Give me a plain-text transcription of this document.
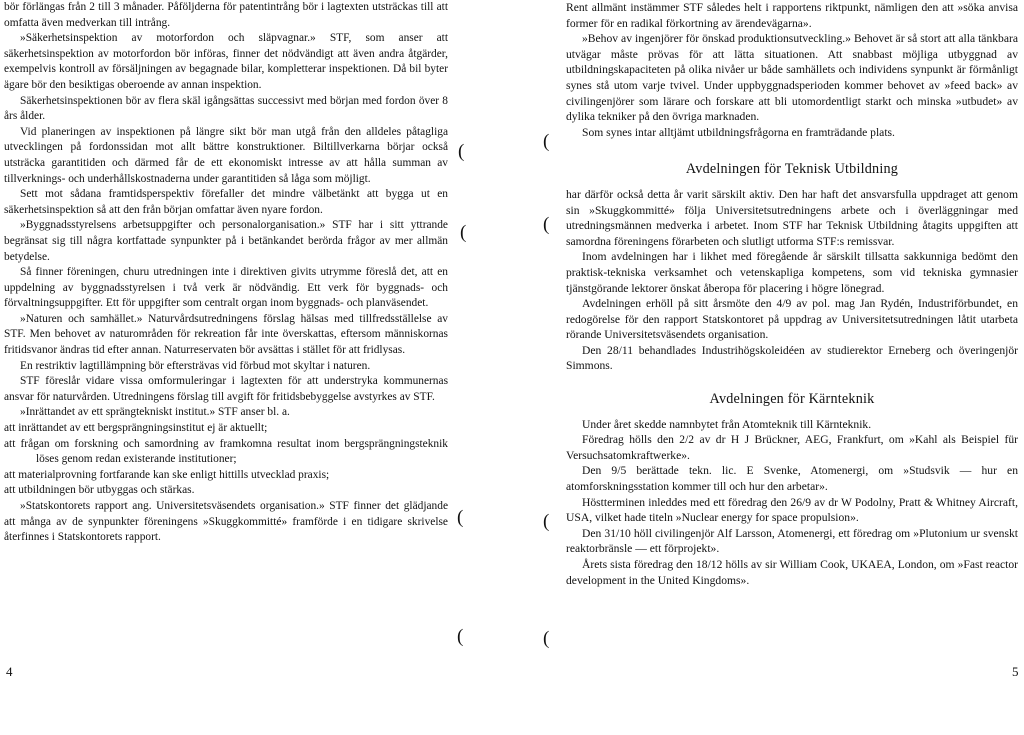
bör förlängas från 2 till 3 månader. Påföljderna för patentintrång bör i lagtexten utsträckas till att omfatta även medverkan till intrång.

»Säkerhetsinspektion av motorfordon och släpvagnar.» STF, som anser att säkerhetsinspektion av motorfordon bör införas, finner det nödvändigt att även andra åtgärder, exempelvis kontroll av försäljningen av begagnade bilar, kompletterar inspektionen. Då bil byter ägare bör den besiktigas oberoende av annan inspektion.

Säkerhetsinspektionen bör av flera skäl igångsättas successivt med början med fordon över 8 års ålder.

Vid planeringen av inspektionen på längre sikt bör man utgå från den alldeles påtagliga utvecklingen på fordonssidan mot allt bättre konstruktioner. Biltillverkarna börjar också utsträcka garantitiden och därmed får de ett ekonomiskt intresse av att hålla summan av tillverknings- och underhållskostnaderna under garantitiden så låga som möjligt.

Sett mot sådana framtidsperspektiv förefaller det mindre välbetänkt att bygga ut en säkerhetsinspektion så att den från början omfattar även nyare fordon.

»Byggnadsstyrelsens arbetsuppgifter och personalorganisation.» STF har i sitt yttrande begränsat sig till några kortfattade synpunkter på i betänkandet berörda frågor av mer allmän betydelse.

Så finner föreningen, churu utredningen inte i direktiven givits utrymme föreslå det, att en uppdelning av byggnadsstyrelsen i två verk är nödvändig. Ett verk för byggnads- och förvaltningsuppgifter. Ett för uppgifter som centralt organ inom byggnads- och planväsendet.

»Naturen och samhället.» Naturvårdsutredningens förslag hälsas med tillfredsställelse av STF. Men behovet av naturområden för rekreation får inte överskattas, eftersom människornas fritidsvanor ändras tid efter annan. Naturreservaten bör avsättas i stället för att fridlysas.

En restriktiv lagtillämpning bör eftersträvas vid förbud mot skyltar i naturen.

STF föreslår vidare vissa omformuleringar i lagtexten för att understryka kommunernas ansvar för naturvården. Utredningens förslag till avgift för fritidsbebyggelse avstyrkes av STF.

»Inrättandet av ett sprängtekniskt institut.» STF anser bl. a.

att inrättandet av ett bergsprängningsinstitut ej är aktuellt;

att frågan om forskning och samordning av framkomna resultat inom bergsprängningsteknik löses genom redan existerande institutioner;

att materialprovning fortfarande kan ske enligt hittills utvecklad praxis;

att utbildningen bör utbyggas och stärkas.

»Statskontorets rapport ang. Universitetsväsendets organisation.» STF finner det glädjande att många av de synpunkter föreningens »Skuggkommitté» framförde i en tidigare skrivelse återfinnes i Statskontorets rapport.

Rent allmänt instämmer STF således helt i rapportens riktpunkt, nämligen den att »söka anvisa former för en radikal förkortning av ärendevägarna».

»Behov av ingenjörer för önskad produktionsutveckling.» Behovet är så stort att alla tänkbara utvägar måste prövas för att lätta situationen. Att snabbast möjliga utbyggnad av utbildningskapaciteten på olika nivåer ur både samhällets och individens synpunkt är förmånligt synes stå utom varje tvivel. Under uppbyggnadsperioden kommer behovet av »feed back» av civilingenjörer som lärare och forskare att bli utomordentligt starkt och minska »utbudet» av dylika tekniker på den övriga marknaden.

Som synes intar alltjämt utbildningsfrågorna en framträdande plats.

Avdelningen för Teknisk Utbildning

har därför också detta år varit särskilt aktiv. Den har haft det ansvarsfulla uppdraget att genom sin »Skuggkommitté» följa Universitetsutredningens arbete och i överläggningar med utredningsmännen medverka i arbetet. Inom STF har Teknisk Utbildning åtagits uppgiften att samordna föreningens förarbeten och slutligt utforma STF:s remissvar.

Inom avdelningen har i likhet med föregående år särskilt tillsatta sakkunniga bedömt den praktisk-tekniska verksamhet och vetenskapliga kompetens, som vid tekniska gymnasier tjänstgörande lektorer önskat åberopa för placering i högre lönegrad.

Avdelningen erhöll på sitt årsmöte den 4/9 av pol. mag Jan Rydén, Industriförbundet, en redogörelse för den rapport Statskontoret på uppdrag av Universitetsutredningen låtit utarbeta rörande Universitetsväsendets organisation.

Den 28/11 behandlades Industrihögskoleidéen av studierektor Erneberg och överingenjör Simmons.

Avdelningen för Kärnteknik

Under året skedde namnbytet från Atomteknik till Kärnteknik.

Föredrag hölls den 2/2 av dr H J Brückner, AEG, Frankfurt, om »Kahl als Beispiel für Versuchsatomkraftwerke».

Den 9/5 berättade tekn. lic. E Svenke, Atomenergi, om »Studsvik — hur en atomforskningsstation kommer till och hur den arbetar».

Höstterminen inleddes med ett föredrag den 26/9 av dr W Podolny, Pratt & Whitney Aircraft, USA, vilket hade titeln »Nuclear energy for space propulsion».

Den 31/10 höll civilingenjör Alf Larsson, Atomenergi, ett föredrag om »Plutonium ur svenskt reaktorbränsle — ett förprojekt».

Årets sista föredrag den 18/12 hölls av sir William Cook, UKAEA, London, om »Fast reactor development in the United Kingdoms».

4	5
(	(
(	(
(	(
(	(
